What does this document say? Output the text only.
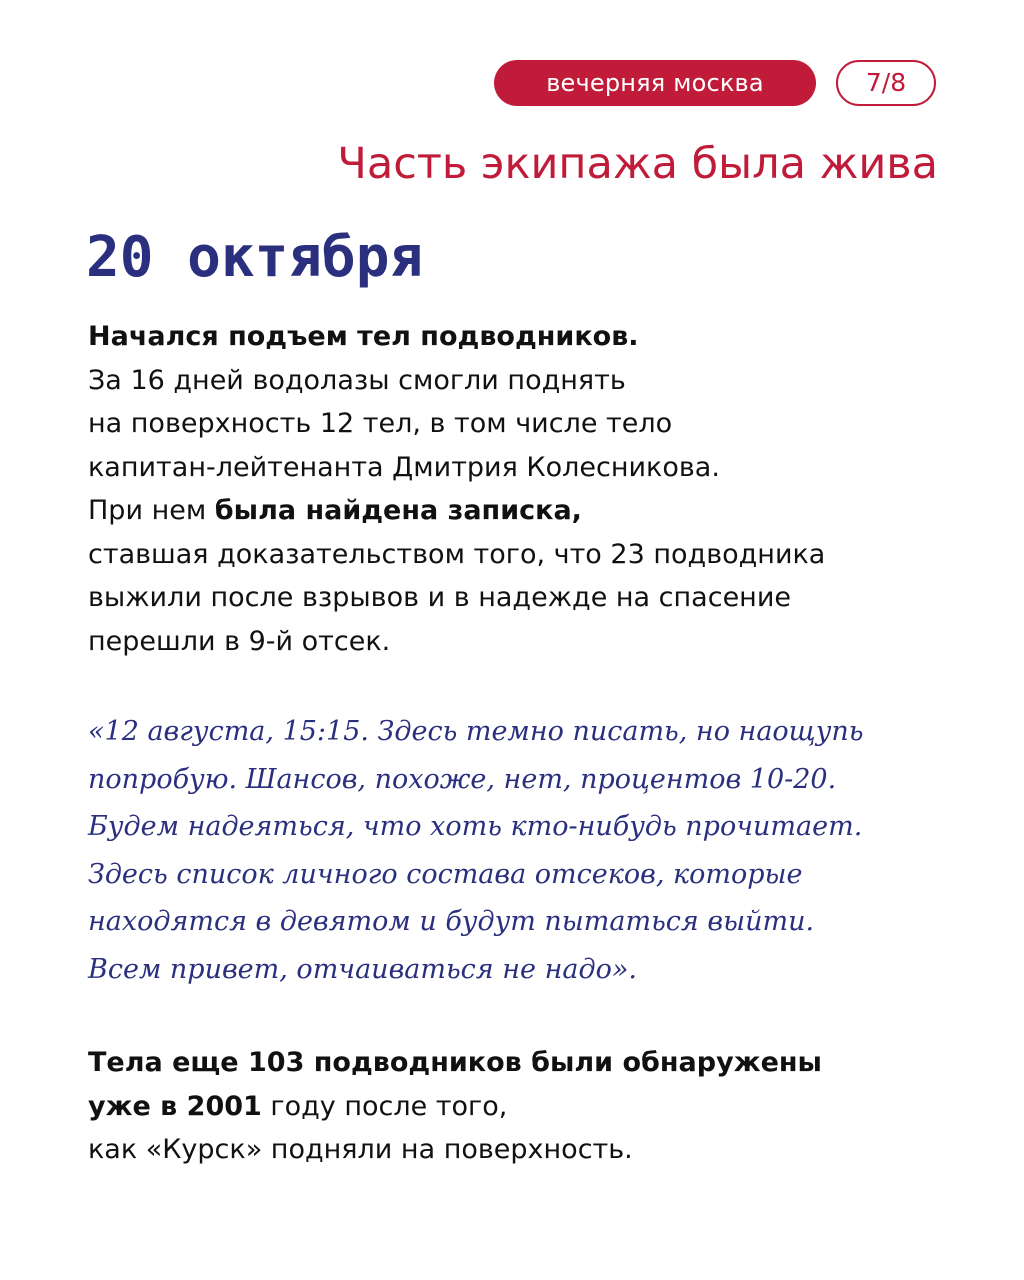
вечерняя москва	7/8
Часть экипажа была жива
20 октября
Начался подъем тел подводников.
За 16 дней водолазы смогли поднять
на поверхность 12 тел, в том числе тело
капитан-лейтенанта Дмитрия Колесникова.
При нем была найдена записка,
ставшая доказательством того, что 23 подводника
выжили после взрывов и в надежде на спасение
перешли в 9-й отсек.
«12 августа, 15:15. Здесь темно писать, но наощупь
попробую. Шансов, похоже, нет, процентов 10-20.
Будем надеяться, что хоть кто-нибудь прочитает.
Здесь список личного состава отсеков, которые
находятся в девятом и будут пытаться выйти.
Всем привет, отчаиваться не надо».
Тела еще 103 подводников были обнаружены
уже в 2001 году после того,
как «Курск» подняли на поверхность.
